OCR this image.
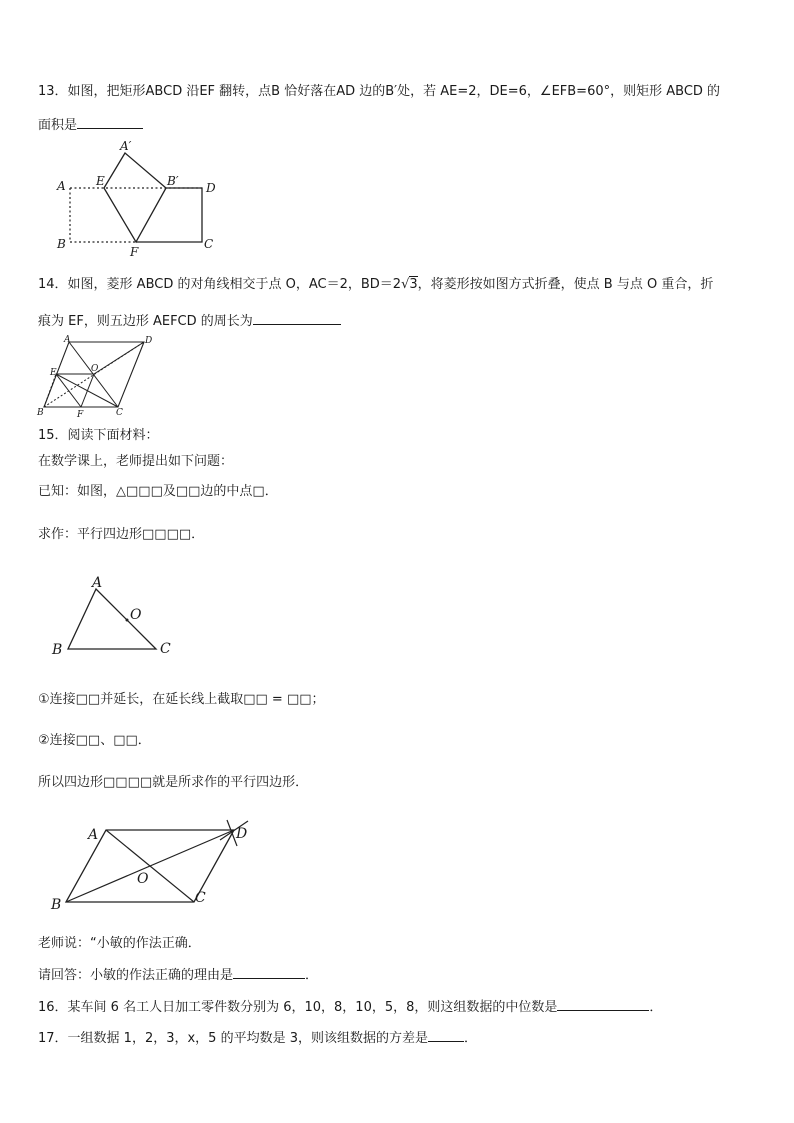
13．如图，把矩形ABCD 沿EF 翻转，点B 恰好落在AD 边的B′处，若 AE=2，DE=6，∠EFB=60°，则矩形 ABCD 的
面积是
A	E
A′
B′ D
B
F
C
14．如图，菱形 ABCD 的对角线相交于点 O，AC＝2，BD＝2√3，将菱形按如图方式折叠，使点 B 与点 O 重合，折
痕为 EF，则五边形 AEFCD 的周长为
A	D
E	O
B	F	C
15．阅读下面材料：
在数学课上，老师提出如下问题：
已知：如图，△□□□及□□边的中点□．
求作：平行四边形□□□□．
A
O
B	C
①连接□□并延长，在延长线上截取□□ = □□；
②连接□□、□□．
所以四边形□□□□就是所求作的平行四边形．
A	D
O
B	C
老师说：“小敏的作法正确．
请回答：小敏的作法正确的理由是	．
16．某车间 6 名工人日加工零件数分别为 6，10，8，10，5，8，则这组数据的中位数是	．
17．一组数据 1，2，3，x，5 的平均数是 3，则该组数据的方差是	．
